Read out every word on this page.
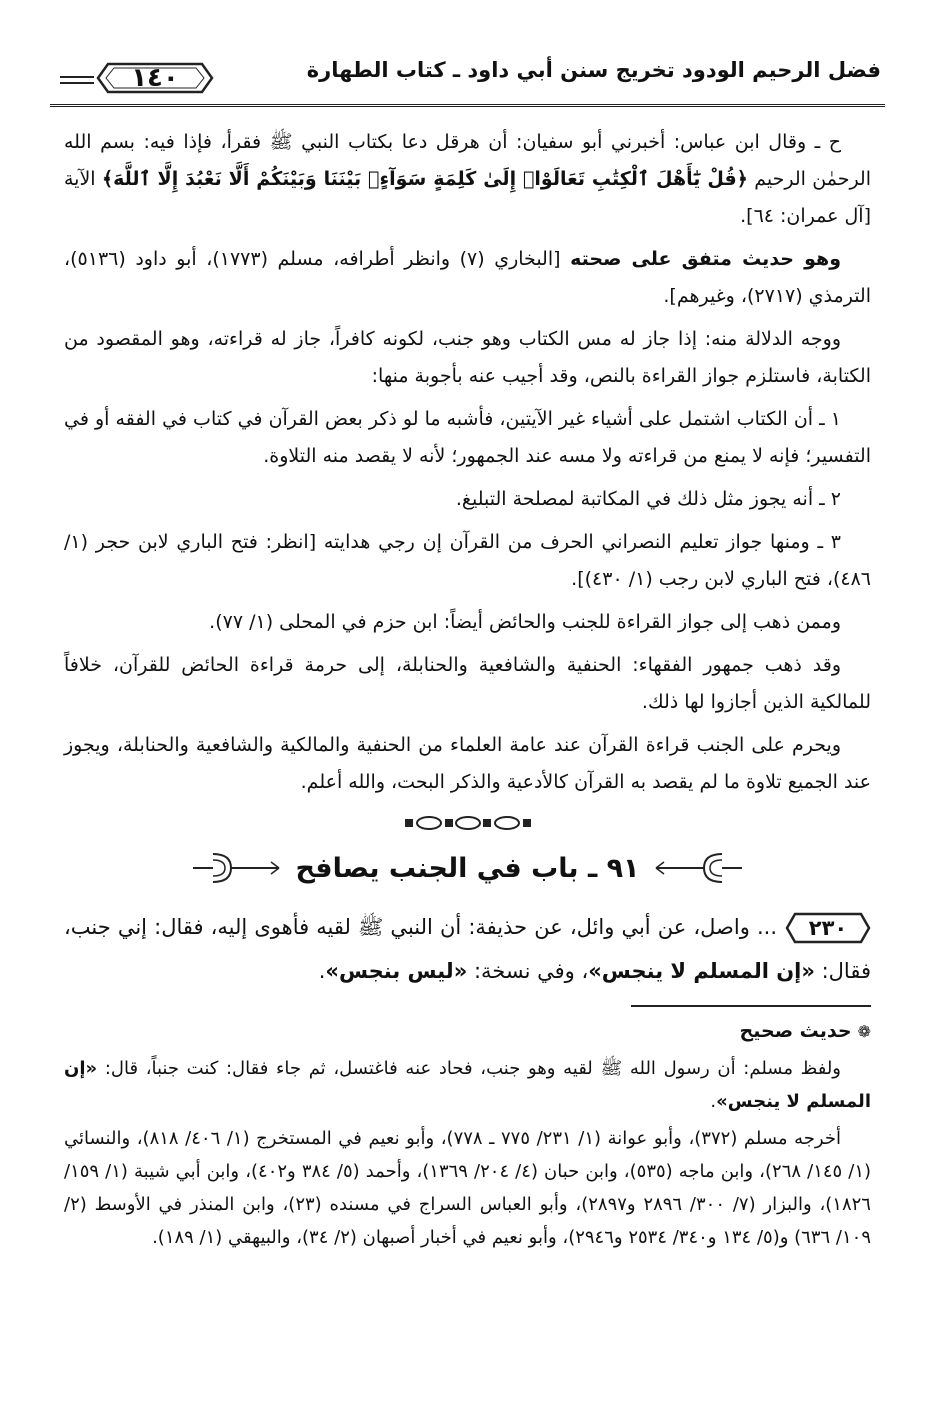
فضل الرحيم الودود تخريج سنن أبي داود ـ كتاب الطهارة
١٤٠

ح ـ وقال ابن عباس: أخبرني أبو سفيان: أن هرقل دعا بكتاب النبي ﷺ فقرأ، فإذا فيه: بسم الله الرحمٰن الرحيم ﴿قُلْ يَٰٓأَهْلَ ٱلْكِتَٰبِ تَعَالَوْا۟ إِلَىٰ كَلِمَةٍ سَوَآءٍۭ بَيْنَنَا وَبَيْنَكُمْ أَلَّا نَعْبُدَ إِلَّا ٱللَّهَ﴾ الآية [آل عمران: ٦٤].

وهو حديث متفق على صحته [البخاري (٧) وانظر أطرافه، مسلم (١٧٧٣)، أبو داود (٥١٣٦)، الترمذي (٢٧١٧)، وغيرهم].

ووجه الدلالة منه: إذا جاز له مس الكتاب وهو جنب، لكونه كافراً، جاز له قراءته، وهو المقصود من الكتابة، فاستلزم جواز القراءة بالنص، وقد أجيب عنه بأجوبة منها:

١ ـ أن الكتاب اشتمل على أشياء غير الآيتين، فأشبه ما لو ذكر بعض القرآن في كتاب في الفقه أو في التفسير؛ فإنه لا يمنع من قراءته ولا مسه عند الجمهور؛ لأنه لا يقصد منه التلاوة.

٢ ـ أنه يجوز مثل ذلك في المكاتبة لمصلحة التبليغ.

٣ ـ ومنها جواز تعليم النصراني الحرف من القرآن إن رجي هدايته [انظر: فتح الباري لابن حجر (١/ ٤٨٦)، فتح الباري لابن رجب (١/ ٤٣٠)].

وممن ذهب إلى جواز القراءة للجنب والحائض أيضاً: ابن حزم في المحلى (١/ ٧٧).

وقد ذهب جمهور الفقهاء: الحنفية والشافعية والحنابلة، إلى حرمة قراءة الحائض للقرآن، خلافاً للمالكية الذين أجازوا لها ذلك.

ويحرم على الجنب قراءة القرآن عند عامة العلماء من الحنفية والمالكية والشافعية والحنابلة، ويجوز عند الجميع تلاوة ما لم يقصد به القرآن كالأدعية والذكر البحت، والله أعلم.

٩١ ـ باب في الجنب يصافح

٢٣٠
... واصل، عن أبي وائل، عن حذيفة: أن النبي ﷺ لقيه فأهوى إليه، فقال: إني جنب، فقال: «إن المسلم لا ينجس»، وفي نسخة: «ليس بنجس».

❁حديث صحيح

ولفظ مسلم: أن رسول الله ﷺ لقيه وهو جنب، فحاد عنه فاغتسل، ثم جاء فقال: كنت جنباً، قال: «إن المسلم لا ينجس».

أخرجه مسلم (٣٧٢)، وأبو عوانة (١/ ٢٣١/ ٧٧٥ ـ ٧٧٨)، وأبو نعيم في المستخرج (١/ ٤٠٦/ ٨١٨)، والنسائي (١/ ١٤٥/ ٢٦٨)، وابن ماجه (٥٣٥)، وابن حبان (٤/ ٢٠٤/ ١٣٦٩)، وأحمد (٥/ ٣٨٤ و٤٠٢)، وابن أبي شيبة (١/ ١٥٩/ ١٨٢٦)، والبزار (٧/ ٣٠٠/ ٢٨٩٦ و٢٨٩٧)، وأبو العباس السراج في مسنده (٢٣)، وابن المنذر في الأوسط (٢/ ١٠٩/ ٦٣٦) و(٥/ ١٣٤ و٣٤٠/ ٢٥٣٤ و٢٩٤٦)، وأبو نعيم في أخبار أصبهان (٢/ ٣٤)، والبيهقي (١/ ١٨٩).
